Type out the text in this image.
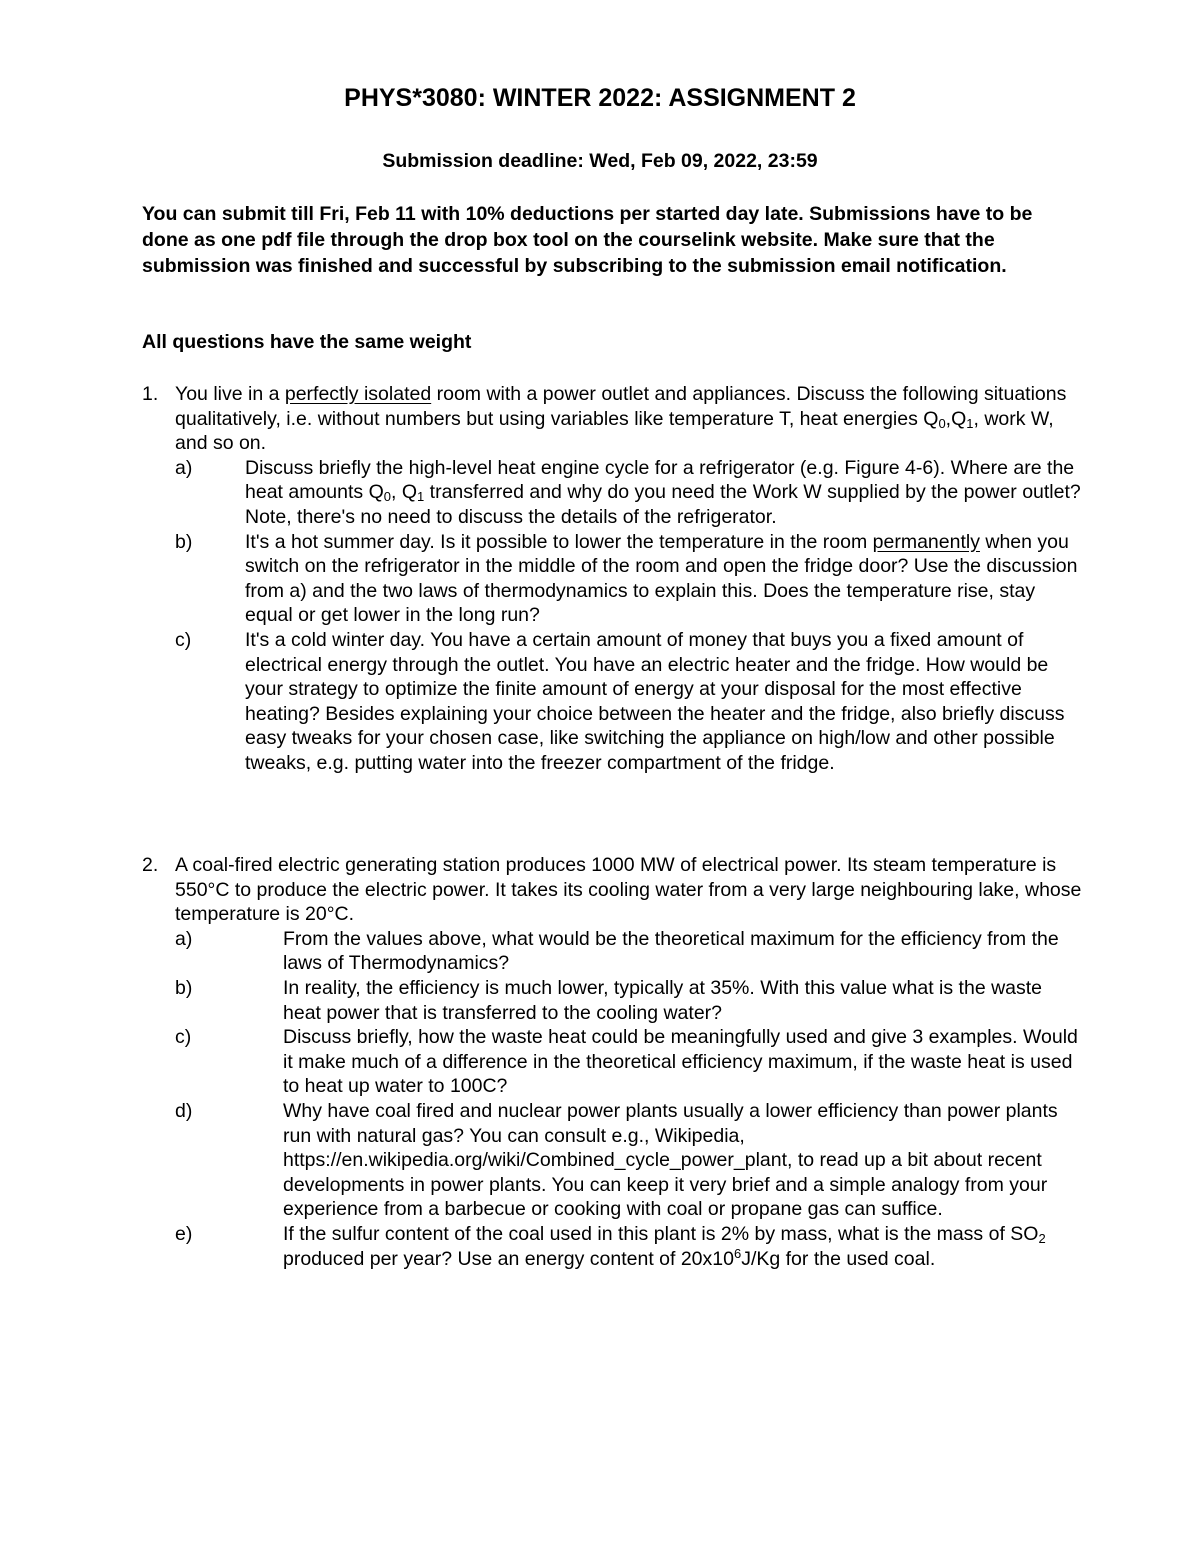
PHYS*3080: WINTER 2022: ASSIGNMENT 2

Submission deadline: Wed, Feb 09, 2022, 23:59

You can submit till Fri, Feb 11 with 10% deductions per started day late. Submissions have to be done as one pdf file through the drop box tool on the courselink website. Make sure that the submission was finished and successful by subscribing to the submission email notification.

All questions have the same weight

1. You live in a perfectly isolated room with a power outlet and appliances. Discuss the following situations qualitatively, i.e. without numbers but using variables like temperature T, heat energies $Q_0,Q_1$, work W, and so on.
a)	Discuss briefly the high-level heat engine cycle for a refrigerator (e.g. Figure 4-6). Where are the heat amounts $Q_0$, $Q_1$ transferred and why do you need the Work W supplied by the power outlet? Note, there's no need to discuss the details of the refrigerator.
b)	It's a hot summer day. Is it possible to lower the temperature in the room permanently when you switch on the refrigerator in the middle of the room and open the fridge door? Use the discussion from a) and the two laws of thermodynamics to explain this. Does the temperature rise, stay equal or get lower in the long run?
c)	It's a cold winter day. You have a certain amount of money that buys you a fixed amount of electrical energy through the outlet. You have an electric heater and the fridge. How would be your strategy to optimize the finite amount of energy at your disposal for the most effective heating? Besides explaining your choice between the heater and the fridge, also briefly discuss easy tweaks for your chosen case, like switching the appliance on high/low and other possible tweaks, e.g. putting water into the freezer compartment of the fridge.
2. A coal-fired electric generating station produces 1000 MW of electrical power. Its steam temperature is 550°C to produce the electric power. It takes its cooling water from a very large neighbouring lake, whose temperature is 20°C.
a)	From the values above, what would be the theoretical maximum for the efficiency from the laws of Thermodynamics?
b)	In reality, the efficiency is much lower, typically at 35%. With this value what is the waste heat power that is transferred to the cooling water?
c)	Discuss briefly, how the waste heat could be meaningfully used and give 3 examples. Would it make much of a difference in the theoretical efficiency maximum, if the waste heat is used to heat up water to 100C?
d)	Why have coal fired and nuclear power plants usually a lower efficiency than power plants run with natural gas? You can consult e.g., Wikipedia, https://en.wikipedia.org/wiki/Combined_cycle_power_plant, to read up a bit about recent developments in power plants. You can keep it very brief and a simple analogy from your experience from a barbecue or cooking with coal or propane gas can suffice.
e)	If the sulfur content of the coal used in this plant is 2% by mass, what is the mass of $SO_2$ produced per year? Use an energy content of $20x10^6J/Kg$ for the used coal.
